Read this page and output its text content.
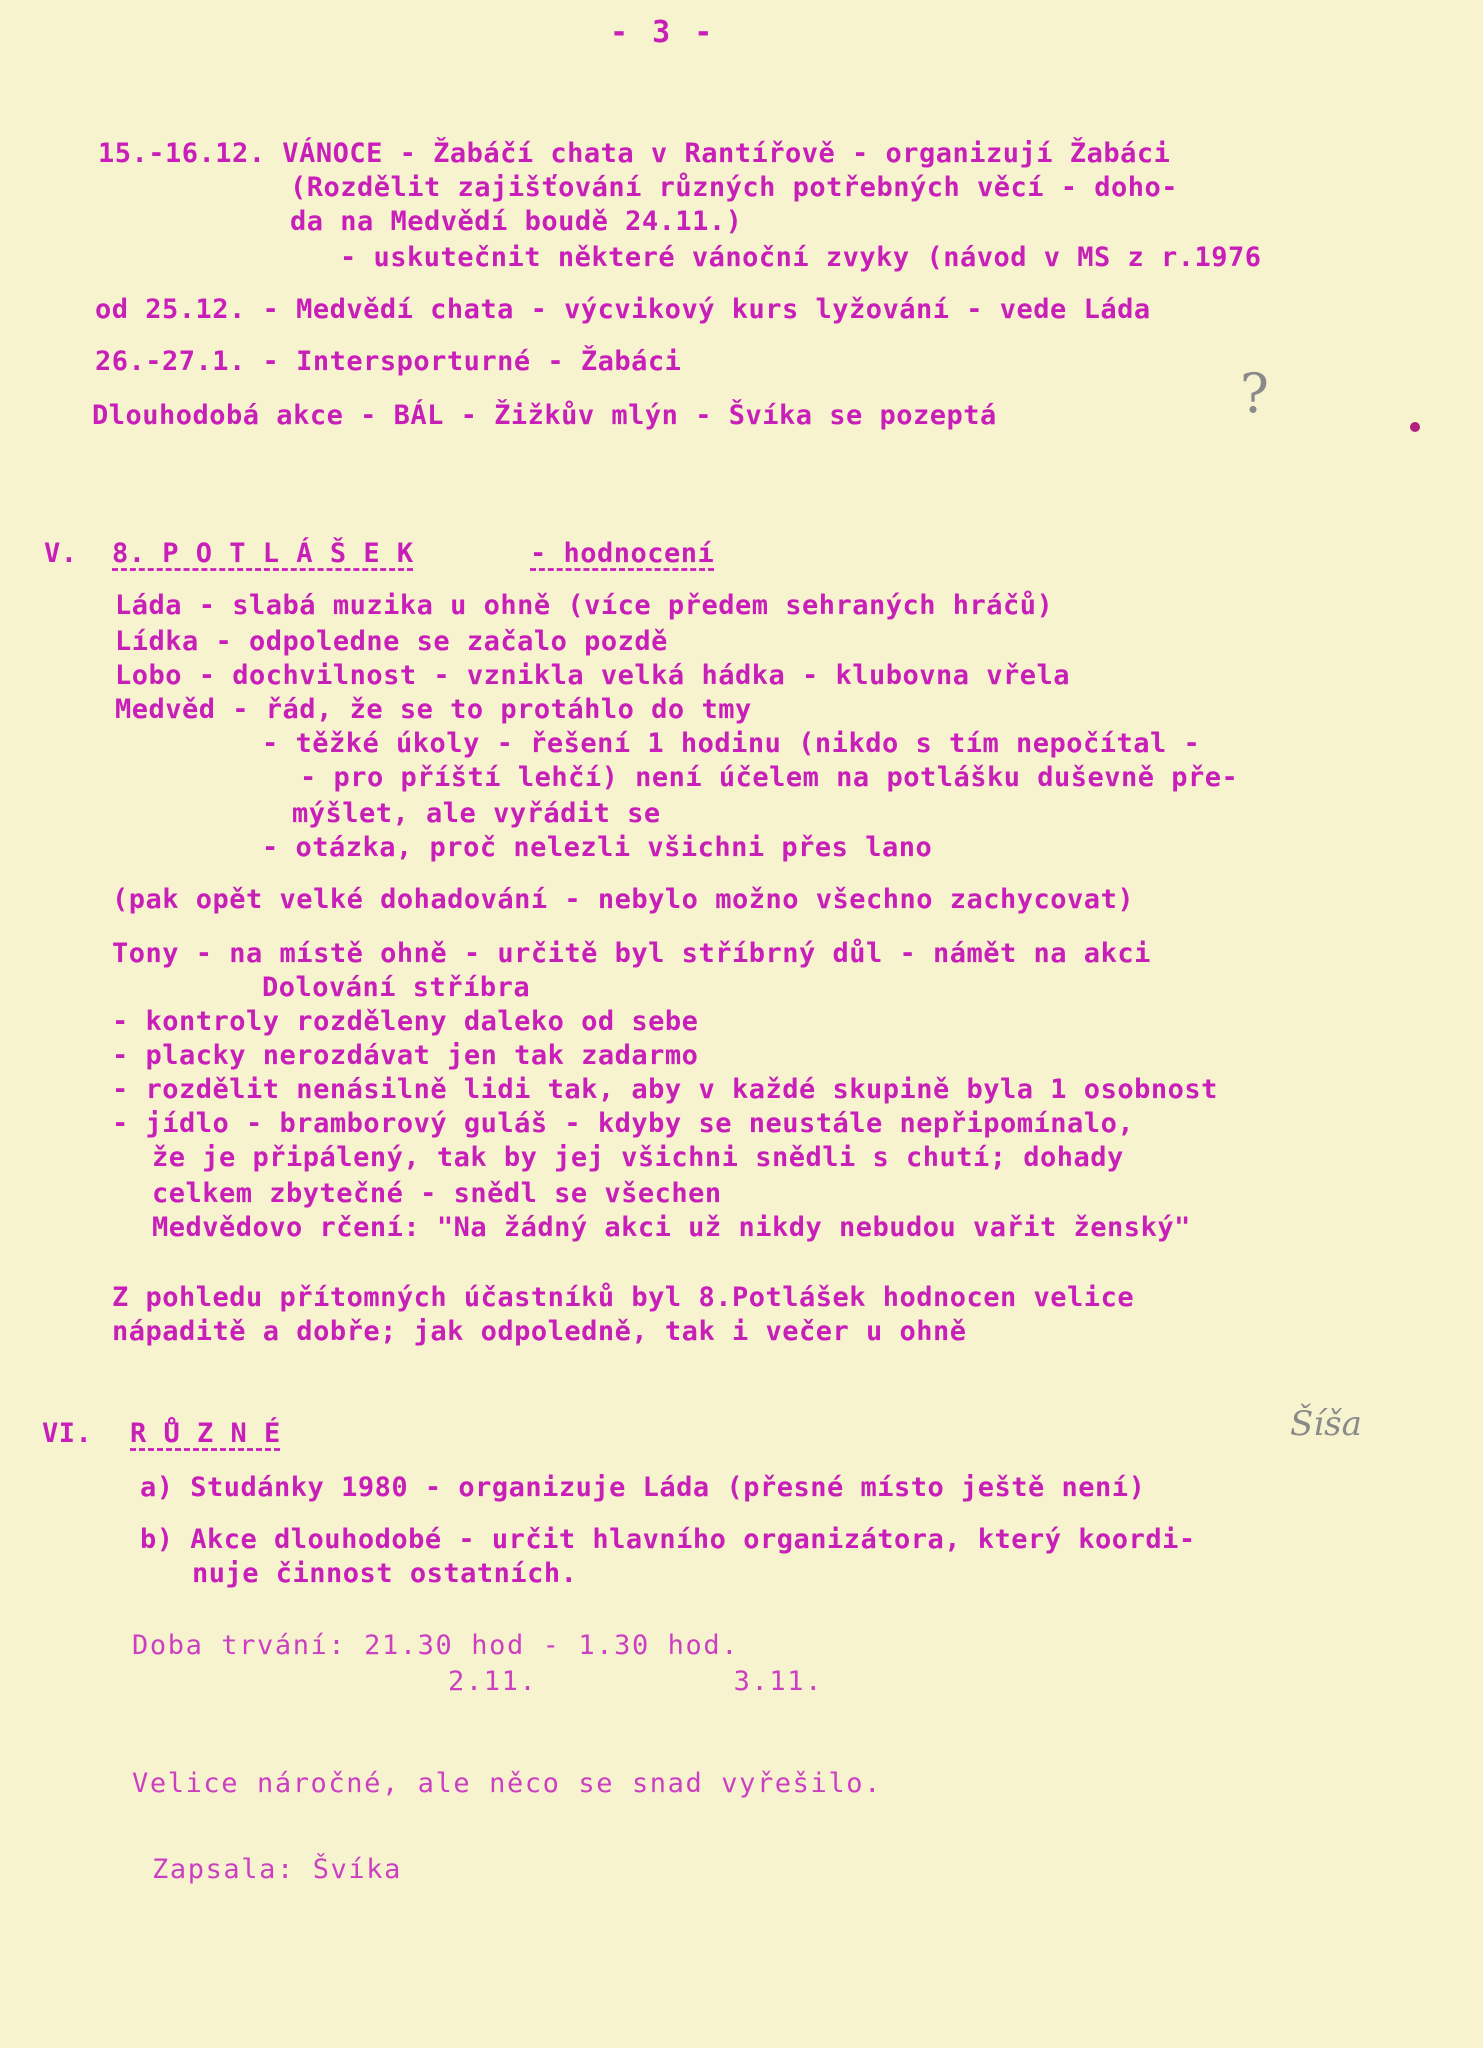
- 3 -
15.-16.12. VÁNOCE - Žabáčí chata v Rantířově - organizují Žabáci
(Rozdělit zajišťování různých potřebných věcí - doho-
da na Medvědí boudě 24.11.)
- uskutečnit některé vánoční zvyky (návod v MS z r.1976
od 25.12. - Medvědí chata - výcvikový kurs lyžování - vede Láda
26.-27.1. - Intersporturné - Žabáci
Dlouhodobá akce - BÁL - Žižkův mlýn - Švíka se pozeptá	?
V. 8. P O T L Á Š E K	- hodnocení
Láda - slabá muzika u ohně (více předem sehraných hráčů)
Lídka - odpoledne se začalo pozdě
Lobo - dochvilnost - vznikla velká hádka - klubovna vřela
Medvěd - řád, že se to protáhlo do tmy
- těžké úkoly - řešení 1 hodinu (nikdo s tím nepočítal -
- pro příští lehčí) není účelem na potlášku duševně pře-
mýšlet, ale vyřádit se
- otázka, proč nelezli všichni přes lano
(pak opět velké dohadování - nebylo možno všechno zachycovat)
Tony - na místě ohně - určitě byl stříbrný důl - námět na akci
Dolování stříbra
- kontroly rozděleny daleko od sebe
- placky nerozdávat jen tak zadarmo
- rozdělit nenásilně lidi tak, aby v každé skupině byla 1 osobnost
- jídlo - bramborový guláš - kdyby se neustále nepřipomínalo,
že je připálený, tak by jej všichni snědli s chutí; dohady
celkem zbytečné - snědl se všechen
Medvědovo rčení: "Na žádný akci už nikdy nebudou vařit ženský"
Z pohledu přítomných účastníků byl 8.Potlášek hodnocen velice
nápaditě a dobře; jak odpoledně, tak i večer u ohně
VI. R Ů Z N É	Šíša
a) Studánky 1980 - organizuje Láda (přesné místo ještě není)
b) Akce dlouhodobé - určit hlavního organizátora, který koordi-
nuje činnost ostatních.
Doba trvání: 21.30 hod - 1.30 hod.
2.11.           3.11.
Velice náročné, ale něco se snad vyřešilo.
Zapsala: Švíka
